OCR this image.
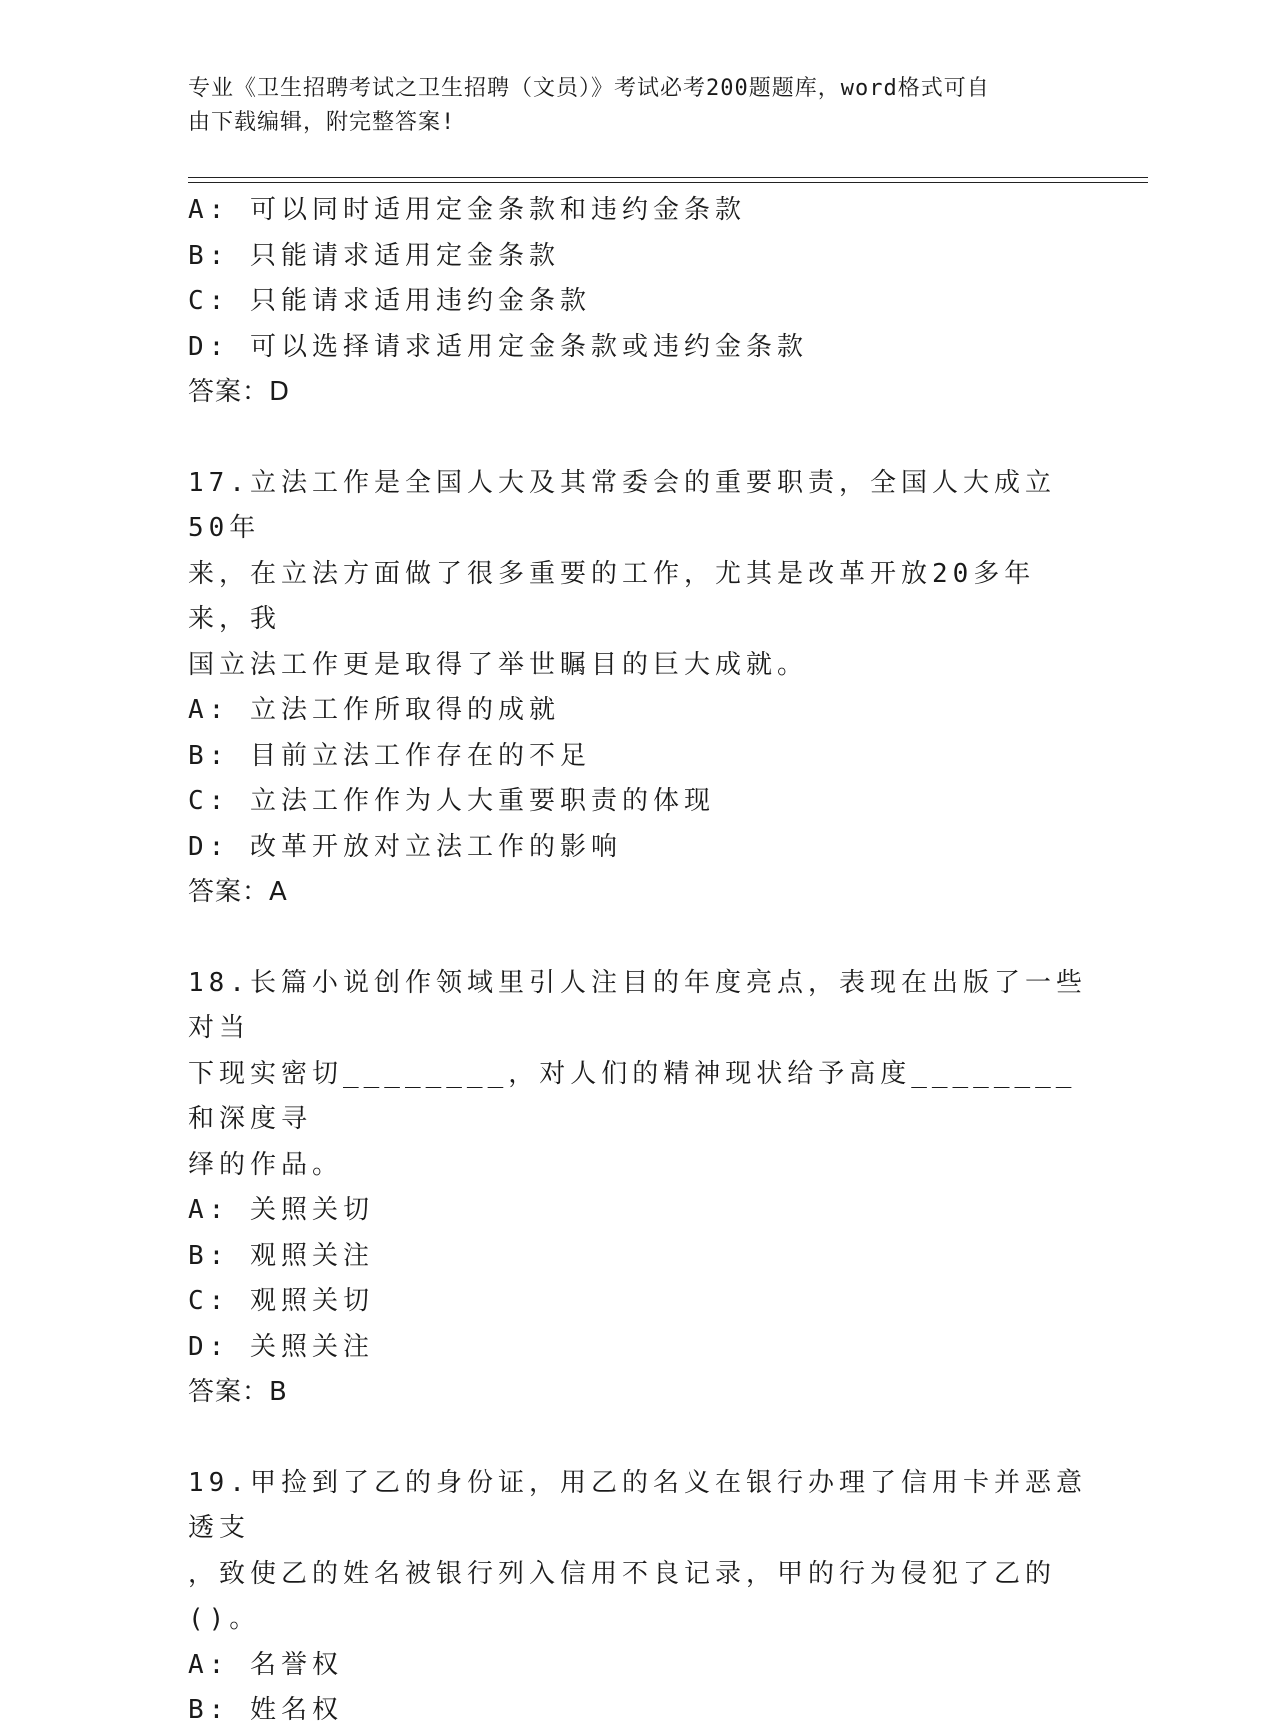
专业《卫生招聘考试之卫生招聘（文员）》考试必考200题题库，word格式可自
由下载编辑，附完整答案!
A: 可以同时适用定金条款和违约金条款
B: 只能请求适用定金条款
C: 只能请求适用违约金条款
D: 可以选择请求适用定金条款或违约金条款
答案：D
17.立法工作是全国人大及其常委会的重要职责，全国人大成立50年
来，在立法方面做了很多重要的工作，尤其是改革开放20多年来，我
国立法工作更是取得了举世瞩目的巨大成就。
A: 立法工作所取得的成就
B: 目前立法工作存在的不足
C: 立法工作作为人大重要职责的体现
D: 改革开放对立法工作的影响
答案：A
18.长篇小说创作领域里引人注目的年度亮点，表现在出版了一些对当
下现实密切________，对人们的精神现状给予高度________和深度寻
绎的作品。
A: 关照关切
B: 观照关注
C: 观照关切
D: 关照关注
答案：B
19.甲捡到了乙的身份证，用乙的名义在银行办理了信用卡并恶意透支
，致使乙的姓名被银行列入信用不良记录，甲的行为侵犯了乙的()。
A: 名誉权
B: 姓名权
